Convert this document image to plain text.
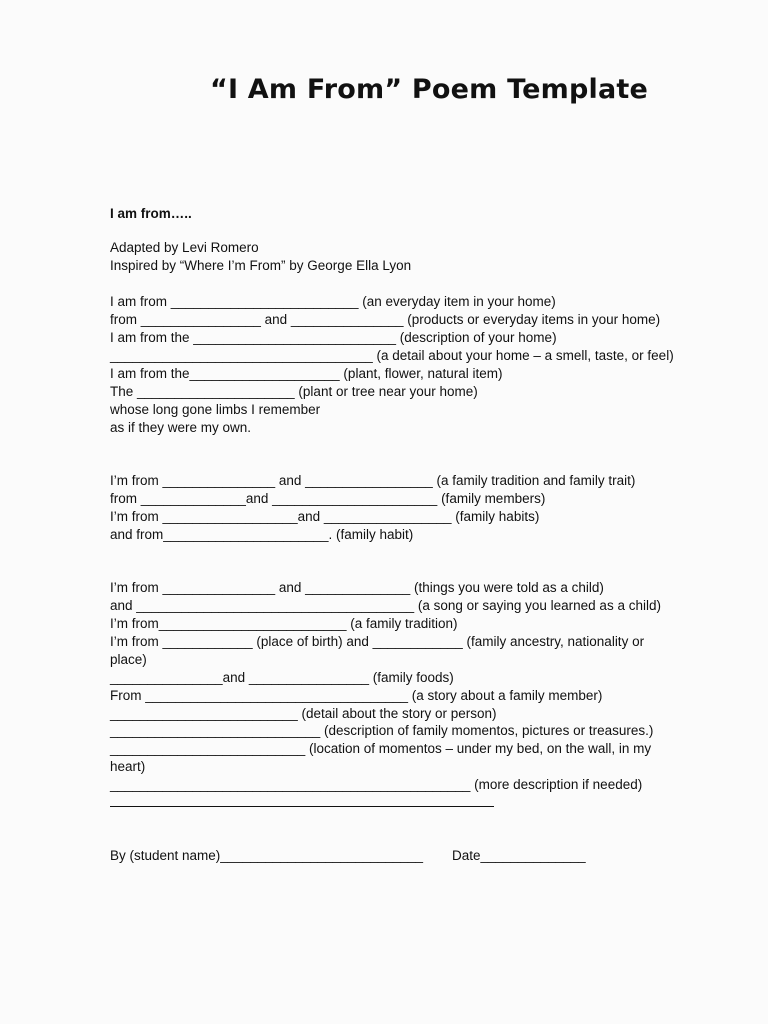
“I Am From” Poem Template
I am from…..
Adapted by Levi Romero
Inspired by “Where I’m From” by George Ella Lyon
I am from _________________________ (an everyday item in your home)
from ________________ and _______________ (products or everyday items in your home)
I am from the ___________________________ (description of your home)
___________________________________ (a detail about your home – a smell, taste, or feel)
I am from the____________________ (plant, flower, natural item)
The _____________________ (plant or tree near your home)
whose long gone limbs I remember
as if they were my own.
I’m from _______________ and _________________ (a family tradition and family trait)
from ______________and ______________________ (family members)
I’m from __________________and _________________ (family habits)
and from______________________. (family habit)
I’m from _______________ and ______________ (things you were told as a child)
and _____________________________________ (a song or saying you learned as a child)
I’m from_________________________ (a family tradition)
I’m from ____________ (place of birth) and ____________ (family ancestry, nationality or
place)
_______________and ________________ (family foods)
From ___________________________________ (a story about a family member)
_________________________ (detail about the story or person)
____________________________ (description of family momentos, pictures or treasures.)
__________________________ (location of momentos – under my bed, on the wall, in my
heart)
________________________________________________ (more description if needed)
By (student name)___________________________ Date______________
